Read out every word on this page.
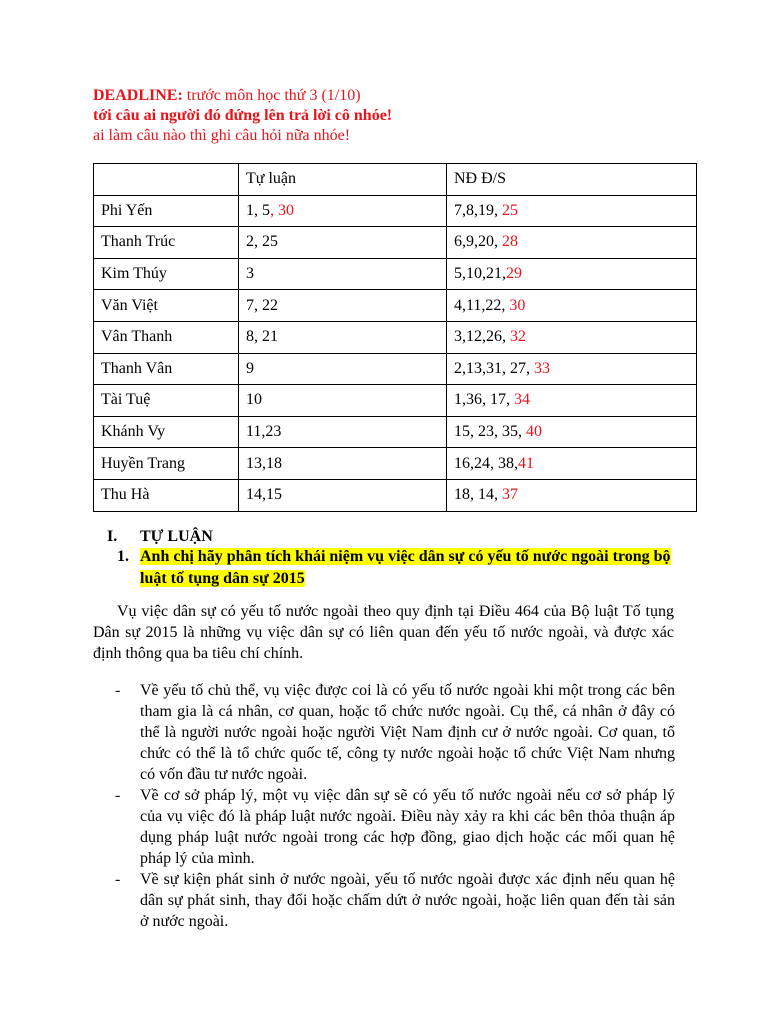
DEADLINE: trước môn học thứ 3 (1/10)
tới câu ai người đó đứng lên trả lời cô nhóe!
ai làm câu nào thì ghi câu hỏi nữa nhóe!
	Tự luận	NĐ Đ/S
Phi Yến	1, 5, 30	7,8,19, 25
Thanh Trúc	2, 25	6,9,20, 28
Kim Thúy	3	5,10,21,29
Văn Việt	7, 22	4,11,22, 30
Vân Thanh	8, 21	3,12,26, 32
Thanh Vân	9	2,13,31, 27, 33
Tài Tuệ	10	1,36, 17, 34
Khánh Vy	11,23	15, 23, 35, 40
Huyền Trang	13,18	16,24, 38,41
Thu Hà	14,15	18, 14, 37
I. TỰ LUẬN
1. Anh chị hãy phân tích khái niệm vụ việc dân sự có yếu tố nước ngoài trong bộ luật tố tụng dân sự 2015
Vụ việc dân sự có yếu tố nước ngoài theo quy định tại Điều 464 của Bộ luật Tố tụng Dân sự 2015 là những vụ việc dân sự có liên quan đến yếu tố nước ngoài, và được xác định thông qua ba tiêu chí chính.
- Về yếu tố chủ thể, vụ việc được coi là có yếu tố nước ngoài khi một trong các bên tham gia là cá nhân, cơ quan, hoặc tổ chức nước ngoài. Cụ thể, cá nhân ở đây có thể là người nước ngoài hoặc người Việt Nam định cư ở nước ngoài. Cơ quan, tổ chức có thể là tổ chức quốc tế, công ty nước ngoài hoặc tổ chức Việt Nam nhưng có vốn đầu tư nước ngoài.
- Về cơ sở pháp lý, một vụ việc dân sự sẽ có yếu tố nước ngoài nếu cơ sở pháp lý của vụ việc đó là pháp luật nước ngoài. Điều này xảy ra khi các bên thỏa thuận áp dụng pháp luật nước ngoài trong các hợp đồng, giao dịch hoặc các mối quan hệ pháp lý của mình.
- Về sự kiện phát sinh ở nước ngoài, yếu tố nước ngoài được xác định nếu quan hệ dân sự phát sinh, thay đổi hoặc chấm dứt ở nước ngoài, hoặc liên quan đến tài sản ở nước ngoài.
